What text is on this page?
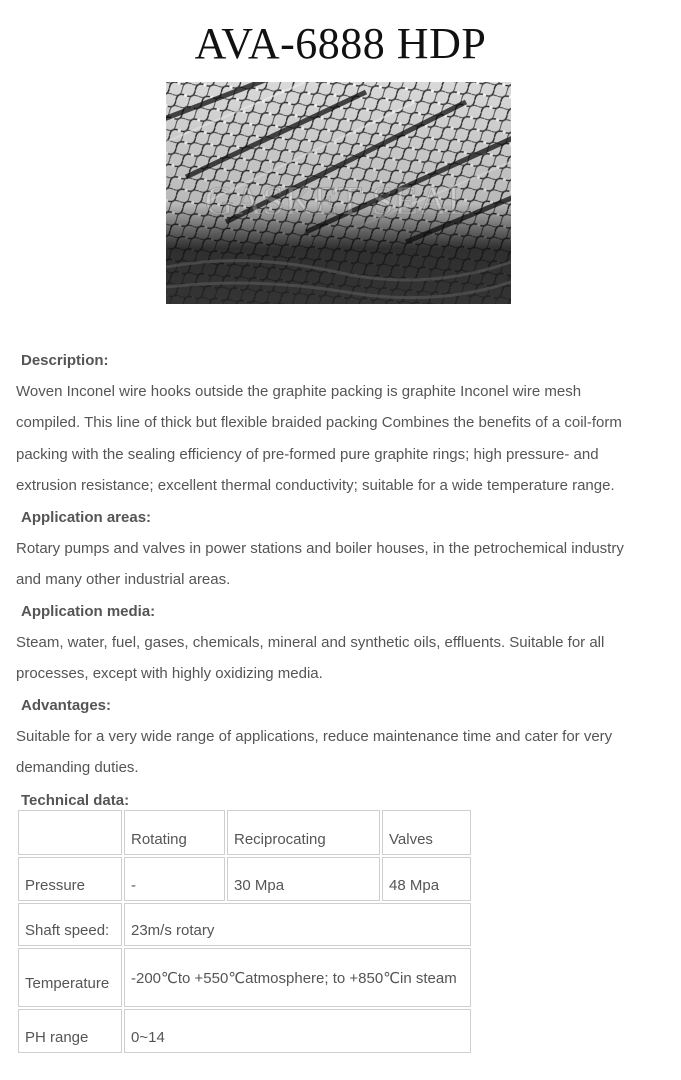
AVA-6888 HDP
GASKET SEAL
Description:
Woven Inconel wire hooks outside the graphite packing is graphite Inconel wire mesh
compiled. This line of thick but flexible braided packing Combines the benefits of a coil-form
packing with the sealing efficiency of pre-formed pure graphite rings; high pressure- and
extrusion resistance; excellent thermal conductivity; suitable for a wide temperature range.
Application areas:
Rotary pumps and valves in power stations and boiler houses, in the petrochemical industry
and many other industrial areas.
Application media:
Steam, water, fuel, gases, chemicals, mineral and synthetic oils, effluents. Suitable for all
processes, except with highly oxidizing media.
Advantages:
Suitable for a very wide range of applications, reduce maintenance time and cater for very
demanding duties.
Technical data:
	Rotating	Reciprocating	Valves
Pressure	-	30 Mpa	48 Mpa
Shaft speed:	23m/s rotary		
Temperature	-200℃to +550℃atmosphere; to +850℃in steam		
PH range	0~14		
